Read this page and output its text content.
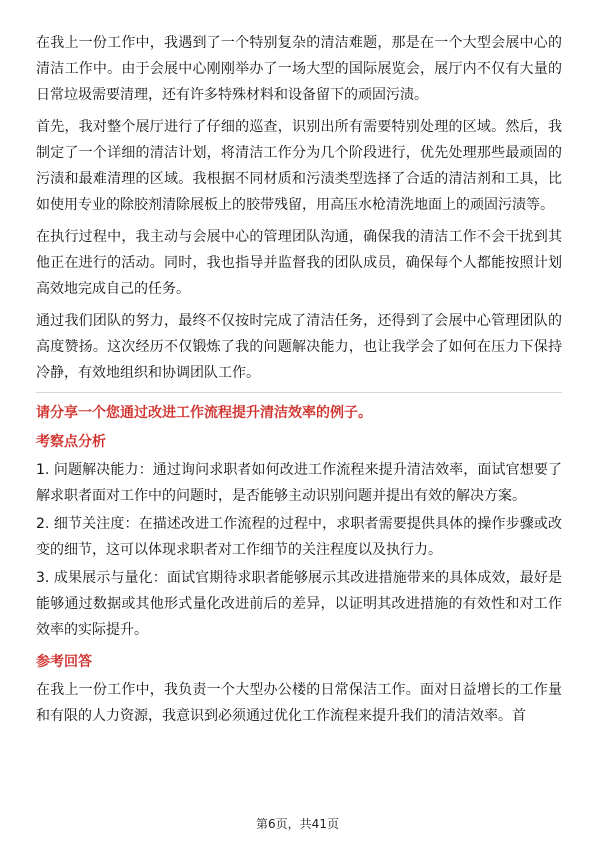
在我上一份工作中，我遇到了一个特别复杂的清洁难题，那是在一个大型会展中心的清洁工作中。由于会展中心刚刚举办了一场大型的国际展览会，展厅内不仅有大量的日常垃圾需要清理，还有许多特殊材料和设备留下的顽固污渍。

首先，我对整个展厅进行了仔细的巡查，识别出所有需要特别处理的区域。然后，我制定了一个详细的清洁计划，将清洁工作分为几个阶段进行，优先处理那些最顽固的污渍和最难清理的区域。我根据不同材质和污渍类型选择了合适的清洁剂和工具，比如使用专业的除胶剂清除展板上的胶带残留，用高压水枪清洗地面上的顽固污渍等。

在执行过程中，我主动与会展中心的管理团队沟通，确保我的清洁工作不会干扰到其他正在进行的活动。同时，我也指导并监督我的团队成员，确保每个人都能按照计划高效地完成自己的任务。

通过我们团队的努力，最终不仅按时完成了清洁任务，还得到了会展中心管理团队的高度赞扬。这次经历不仅锻炼了我的问题解决能力，也让我学会了如何在压力下保持冷静，有效地组织和协调团队工作。

请分享一个您通过改进工作流程提升清洁效率的例子。
考察点分析
1. 问题解决能力：通过询问求职者如何改进工作流程来提升清洁效率，面试官想要了解求职者面对工作中的问题时，是否能够主动识别问题并提出有效的解决方案。
2. 细节关注度：在描述改进工作流程的过程中，求职者需要提供具体的操作步骤或改变的细节，这可以体现求职者对工作细节的关注程度以及执行力。
3. 成果展示与量化：面试官期待求职者能够展示其改进措施带来的具体成效，最好是能够通过数据或其他形式量化改进前后的差异，以证明其改进措施的有效性和对工作效率的实际提升。
参考回答

在我上一份工作中，我负责一个大型办公楼的日常保洁工作。面对日益增长的工作量和有限的人力资源，我意识到必须通过优化工作流程来提升我们的清洁效率。首

第6页，共41页
